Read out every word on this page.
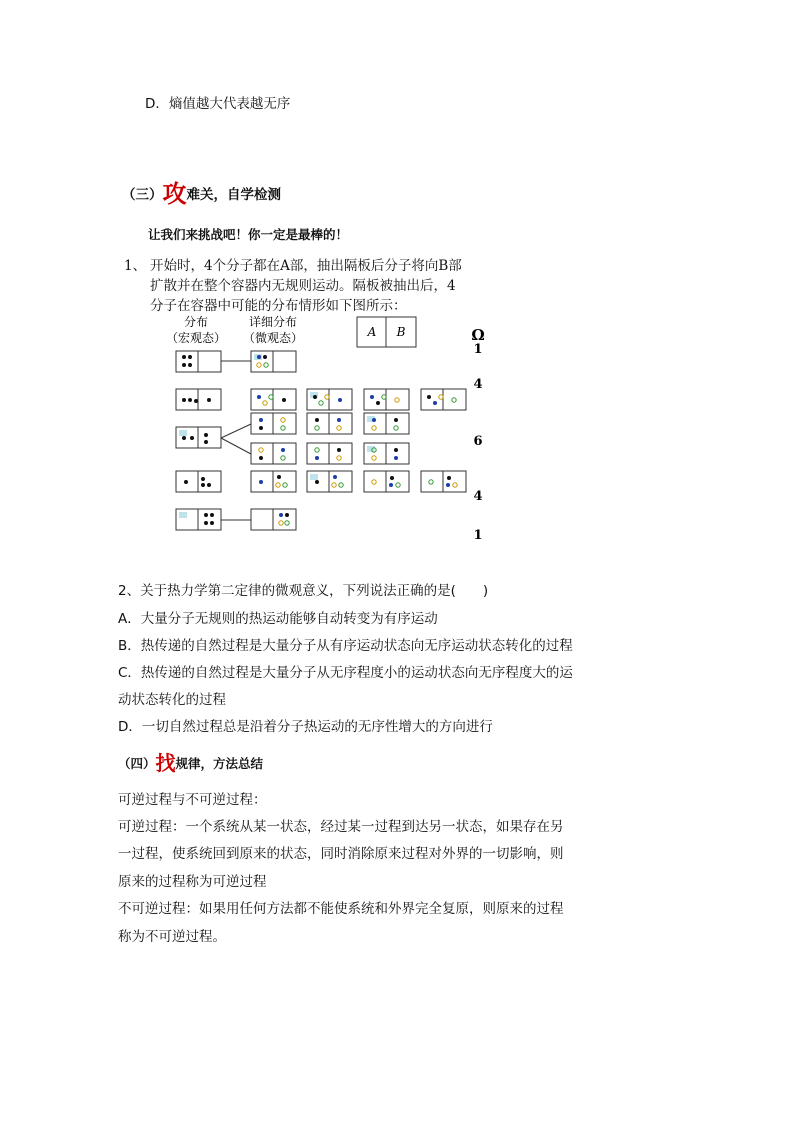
D．熵值越大代表越无序
（三）攻难关，自学检测
让我们来挑战吧！你一定是最棒的！
1、 开始时，4个分子都在A部，抽出隔板后分子将向B部
扩散并在整个容器内无规则运动。隔板被抽出后，4
分子在容器中可能的分布情形如下图所示：
分布
（宏观态）
详细分布
（微观态）	A B	Ω
1
4
6
4
1
2、关于热力学第二定律的微观意义，下列说法正确的是(　　)
A．大量分子无规则的热运动能够自动转变为有序运动
B．热传递的自然过程是大量分子从有序运动状态向无序运动状态转化的过程
C．热传递的自然过程是大量分子从无序程度小的运动状态向无序程度大的运
动状态转化的过程
D．一切自然过程总是沿着分子热运动的无序性增大的方向进行
（四）找规律，方法总结
可逆过程与不可逆过程：
可逆过程：一个系统从某一状态，经过某一过程到达另一状态，如果存在另
一过程，使系统回到原来的状态，同时消除原来过程对外界的一切影响，则
原来的过程称为可逆过程
不可逆过程：如果用任何方法都不能使系统和外界完全复原，则原来的过程
称为不可逆过程。
